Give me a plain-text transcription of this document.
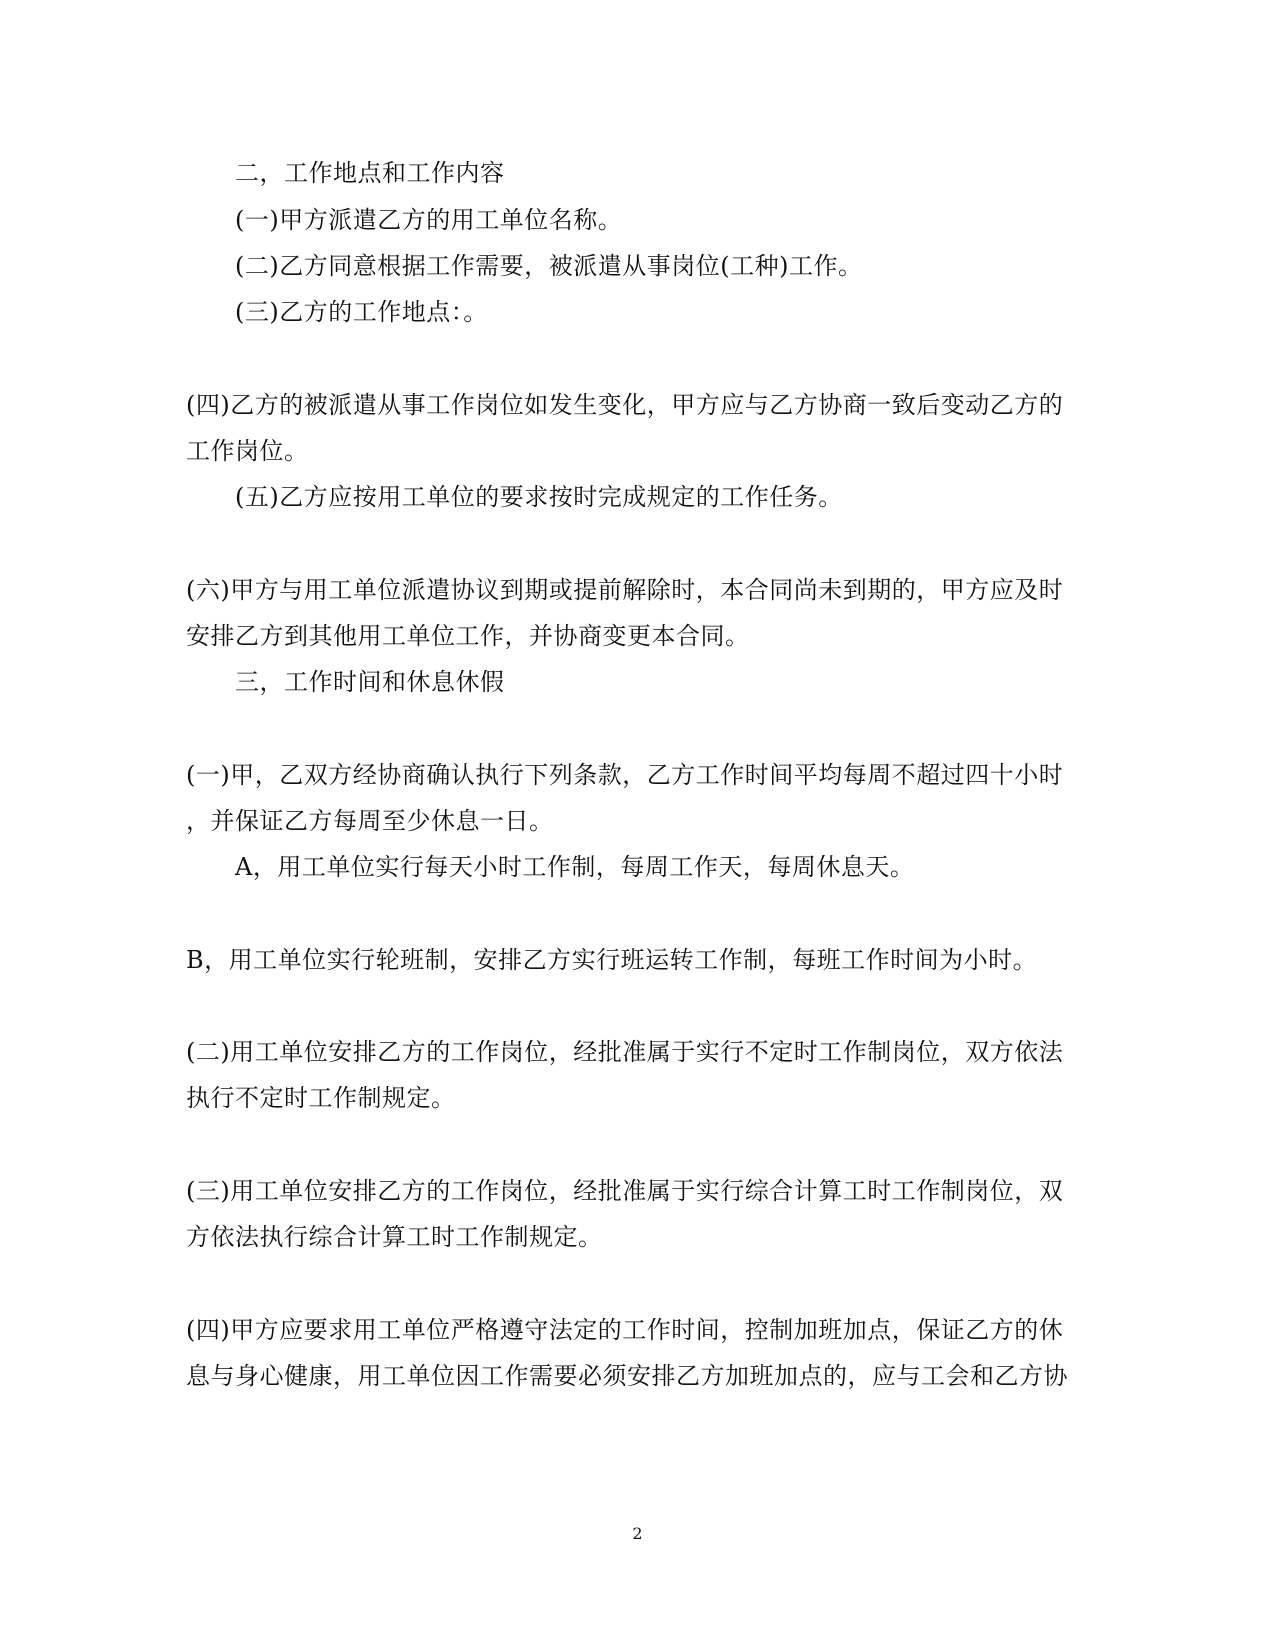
二，工作地点和工作内容
(一)甲方派遣乙方的用工单位名称。
(二)乙方同意根据工作需要，被派遣从事岗位(工种)工作。
(三)乙方的工作地点：。
(四)乙方的被派遣从事工作岗位如发生变化，甲方应与乙方协商一致后变动乙方的
工作岗位。
(五)乙方应按用工单位的要求按时完成规定的工作任务。
(六)甲方与用工单位派遣协议到期或提前解除时，本合同尚未到期的，甲方应及时
安排乙方到其他用工单位工作，并协商变更本合同。
三，工作时间和休息休假
(一)甲，乙双方经协商确认执行下列条款，乙方工作时间平均每周不超过四十小时
，并保证乙方每周至少休息一日。
A，用工单位实行每天小时工作制，每周工作天，每周休息天。
B，用工单位实行轮班制，安排乙方实行班运转工作制，每班工作时间为小时。
(二)用工单位安排乙方的工作岗位，经批准属于实行不定时工作制岗位，双方依法
执行不定时工作制规定。
(三)用工单位安排乙方的工作岗位，经批准属于实行综合计算工时工作制岗位，双
方依法执行综合计算工时工作制规定。
(四)甲方应要求用工单位严格遵守法定的工作时间，控制加班加点，保证乙方的休
息与身心健康，用工单位因工作需要必须安排乙方加班加点的，应与工会和乙方协
2
